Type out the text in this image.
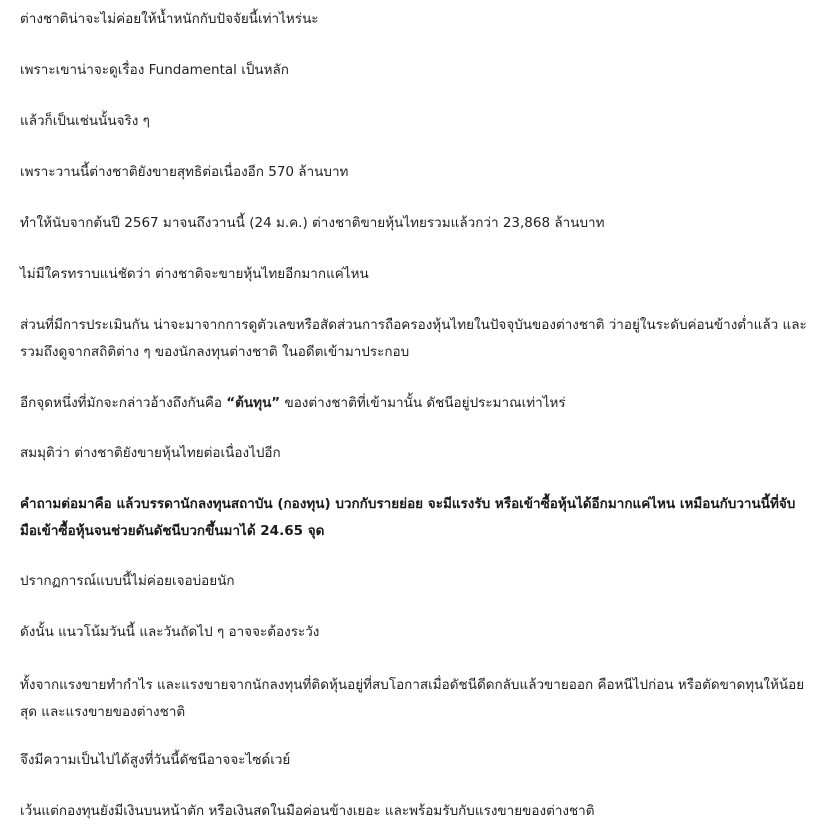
ต่างชาติน่าจะไม่ค่อยให้น้ำหนักกับปัจจัยนี้เท่าไหร่นะ

เพราะเขาน่าจะดูเรื่อง Fundamental เป็นหลัก

แล้วก็เป็นเช่นนั้นจริง ๆ

เพราะวานนี้ต่างชาติยังขายสุทธิต่อเนื่องอีก 570 ล้านบาท

ทำให้นับจากต้นปี 2567 มาจนถึงวานนี้ (24 ม.ค.) ต่างชาติขายหุ้นไทยรวมแล้วกว่า 23,868 ล้านบาท

ไม่มีใครทราบแน่ชัดว่า ต่างชาติจะขายหุ้นไทยอีกมากแค่ไหน

ส่วนที่มีการประเมินกัน น่าจะมาจากการดูตัวเลขหรือสัดส่วนการถือครองหุ้นไทยในปัจจุบันของต่างชาติ ว่าอยู่ในระดับค่อนข้างต่ำแล้ว และรวมถึงดูจากสถิติต่าง ๆ ของนักลงทุนต่างชาติ ในอดีตเข้ามาประกอบ

อีกจุดหนึ่งที่มักจะกล่าวอ้างถึงกันคือ “ต้นทุน” ของต่างชาติที่เข้ามานั้น ดัชนีอยู่ประมาณเท่าไหร่

สมมุติว่า ต่างชาติยังขายหุ้นไทยต่อเนื่องไปอีก

คำถามต่อมาคือ แล้วบรรดานักลงทุนสถาบัน (กองทุน) บวกกับรายย่อย จะมีแรงรับ หรือเข้าซื้อหุ้นได้อีกมากแค่ไหน เหมือนกับวานนี้ที่จับมือเข้าซื้อหุ้นจนช่วยดันดัชนีบวกขึ้นมาได้ 24.65 จุด

ปรากฏการณ์แบบนี้ไม่ค่อยเจอบ่อยนัก

ดังนั้น แนวโน้มวันนี้ และวันถัดไป ๆ อาจจะต้องระวัง

ทั้งจากแรงขายทำกำไร และแรงขายจากนักลงทุนที่ติดหุ้นอยู่ที่สบโอกาสเมื่อดัชนีดีดกลับแล้วขายออก คือหนีไปก่อน หรือตัดขาดทุนให้น้อยสุด และแรงขายของต่างชาติ

จึงมีความเป็นไปได้สูงที่วันนี้ดัชนีอาจจะไซด์เวย์

เว้นแต่กองทุนยังมีเงินบนหน้าตัก หรือเงินสดในมือค่อนข้างเยอะ และพร้อมรับกับแรงขายของต่างชาติ
